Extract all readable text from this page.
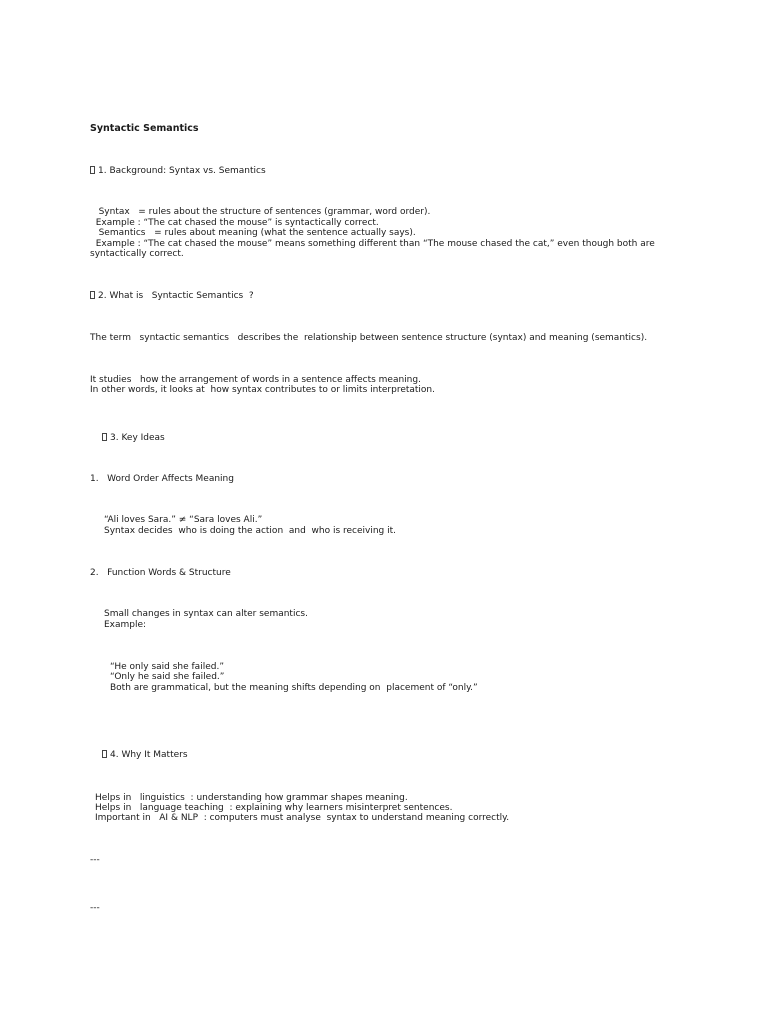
Syntactic Semantics
1. Background: Syntax vs. Semantics
Syntax   = rules about the structure of sentences (grammar, word order).
Example : “The cat chased the mouse” is syntactically correct.
Semantics   = rules about meaning (what the sentence actually says).
Example : “The cat chased the mouse” means something different than “The mouse chased the cat,” even though both are
syntactically correct.
2. What is   Syntactic Semantics  ?
The term   syntactic semantics   describes the  relationship between sentence structure (syntax) and meaning (semantics).
It studies   how the arrangement of words in a sentence affects meaning.
In other words, it looks at  how syntax contributes to or limits interpretation.
3. Key Ideas
1.   Word Order Affects Meaning
“Ali loves Sara.” ≠ “Sara loves Ali.”
Syntax decides  who is doing the action  and  who is receiving it.
2.   Function Words & Structure
Small changes in syntax can alter semantics.
Example:
“He only said she failed.”
“Only he said she failed.”
Both are grammatical, but the meaning shifts depending on  placement of “only.”
4. Why It Matters
Helps in   linguistics  : understanding how grammar shapes meaning.
Helps in   language teaching  : explaining why learners misinterpret sentences.
Important in   AI & NLP  : computers must analyse  syntax to understand meaning correctly.
---
---
